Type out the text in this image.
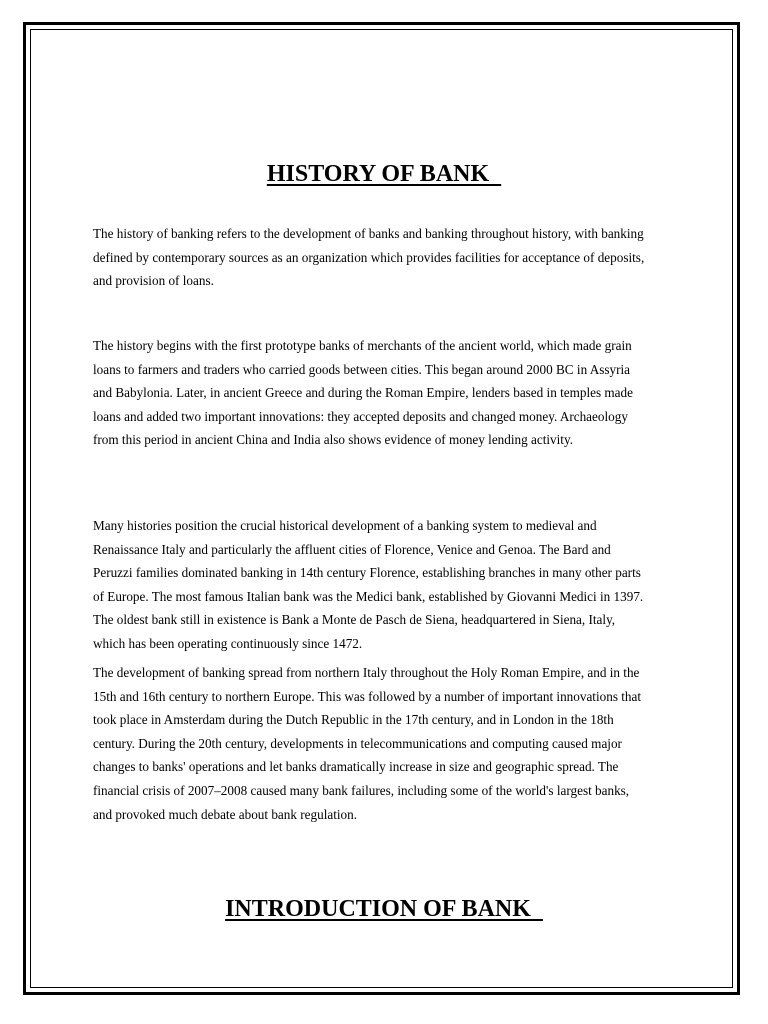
HISTORY OF BANK

The history of banking refers to the development of banks and banking throughout history, with banking defined by contemporary sources as an organization which provides facilities for acceptance of deposits, and provision of loans.

The history begins with the first prototype banks of merchants of the ancient world, which made grain loans to farmers and traders who carried goods between cities. This began around 2000 BC in Assyria and Babylonia. Later, in ancient Greece and during the Roman Empire, lenders based in temples made loans and added two important innovations: they accepted deposits and changed money. Archaeology from this period in ancient China and India also shows evidence of money lending activity.

Many histories position the crucial historical development of a banking system to medieval and Renaissance Italy and particularly the affluent cities of Florence, Venice and Genoa. The Bard and Peruzzi families dominated banking in 14th century Florence, establishing branches in many other parts of Europe. The most famous Italian bank was the Medici bank, established by Giovanni Medici in 1397. The oldest bank still in existence is Bank a Monte de Pasch de Siena, headquartered in Siena, Italy, which has been operating continuously since 1472.

The development of banking spread from northern Italy throughout the Holy Roman Empire, and in the 15th and 16th century to northern Europe. This was followed by a number of important innovations that took place in Amsterdam during the Dutch Republic in the 17th century, and in London in the 18th century. During the 20th century, developments in telecommunications and computing caused major changes to banks' operations and let banks dramatically increase in size and geographic spread. The financial crisis of 2007–2008 caused many bank failures, including some of the world's largest banks, and provoked much debate about bank regulation.

INTRODUCTION OF BANK
